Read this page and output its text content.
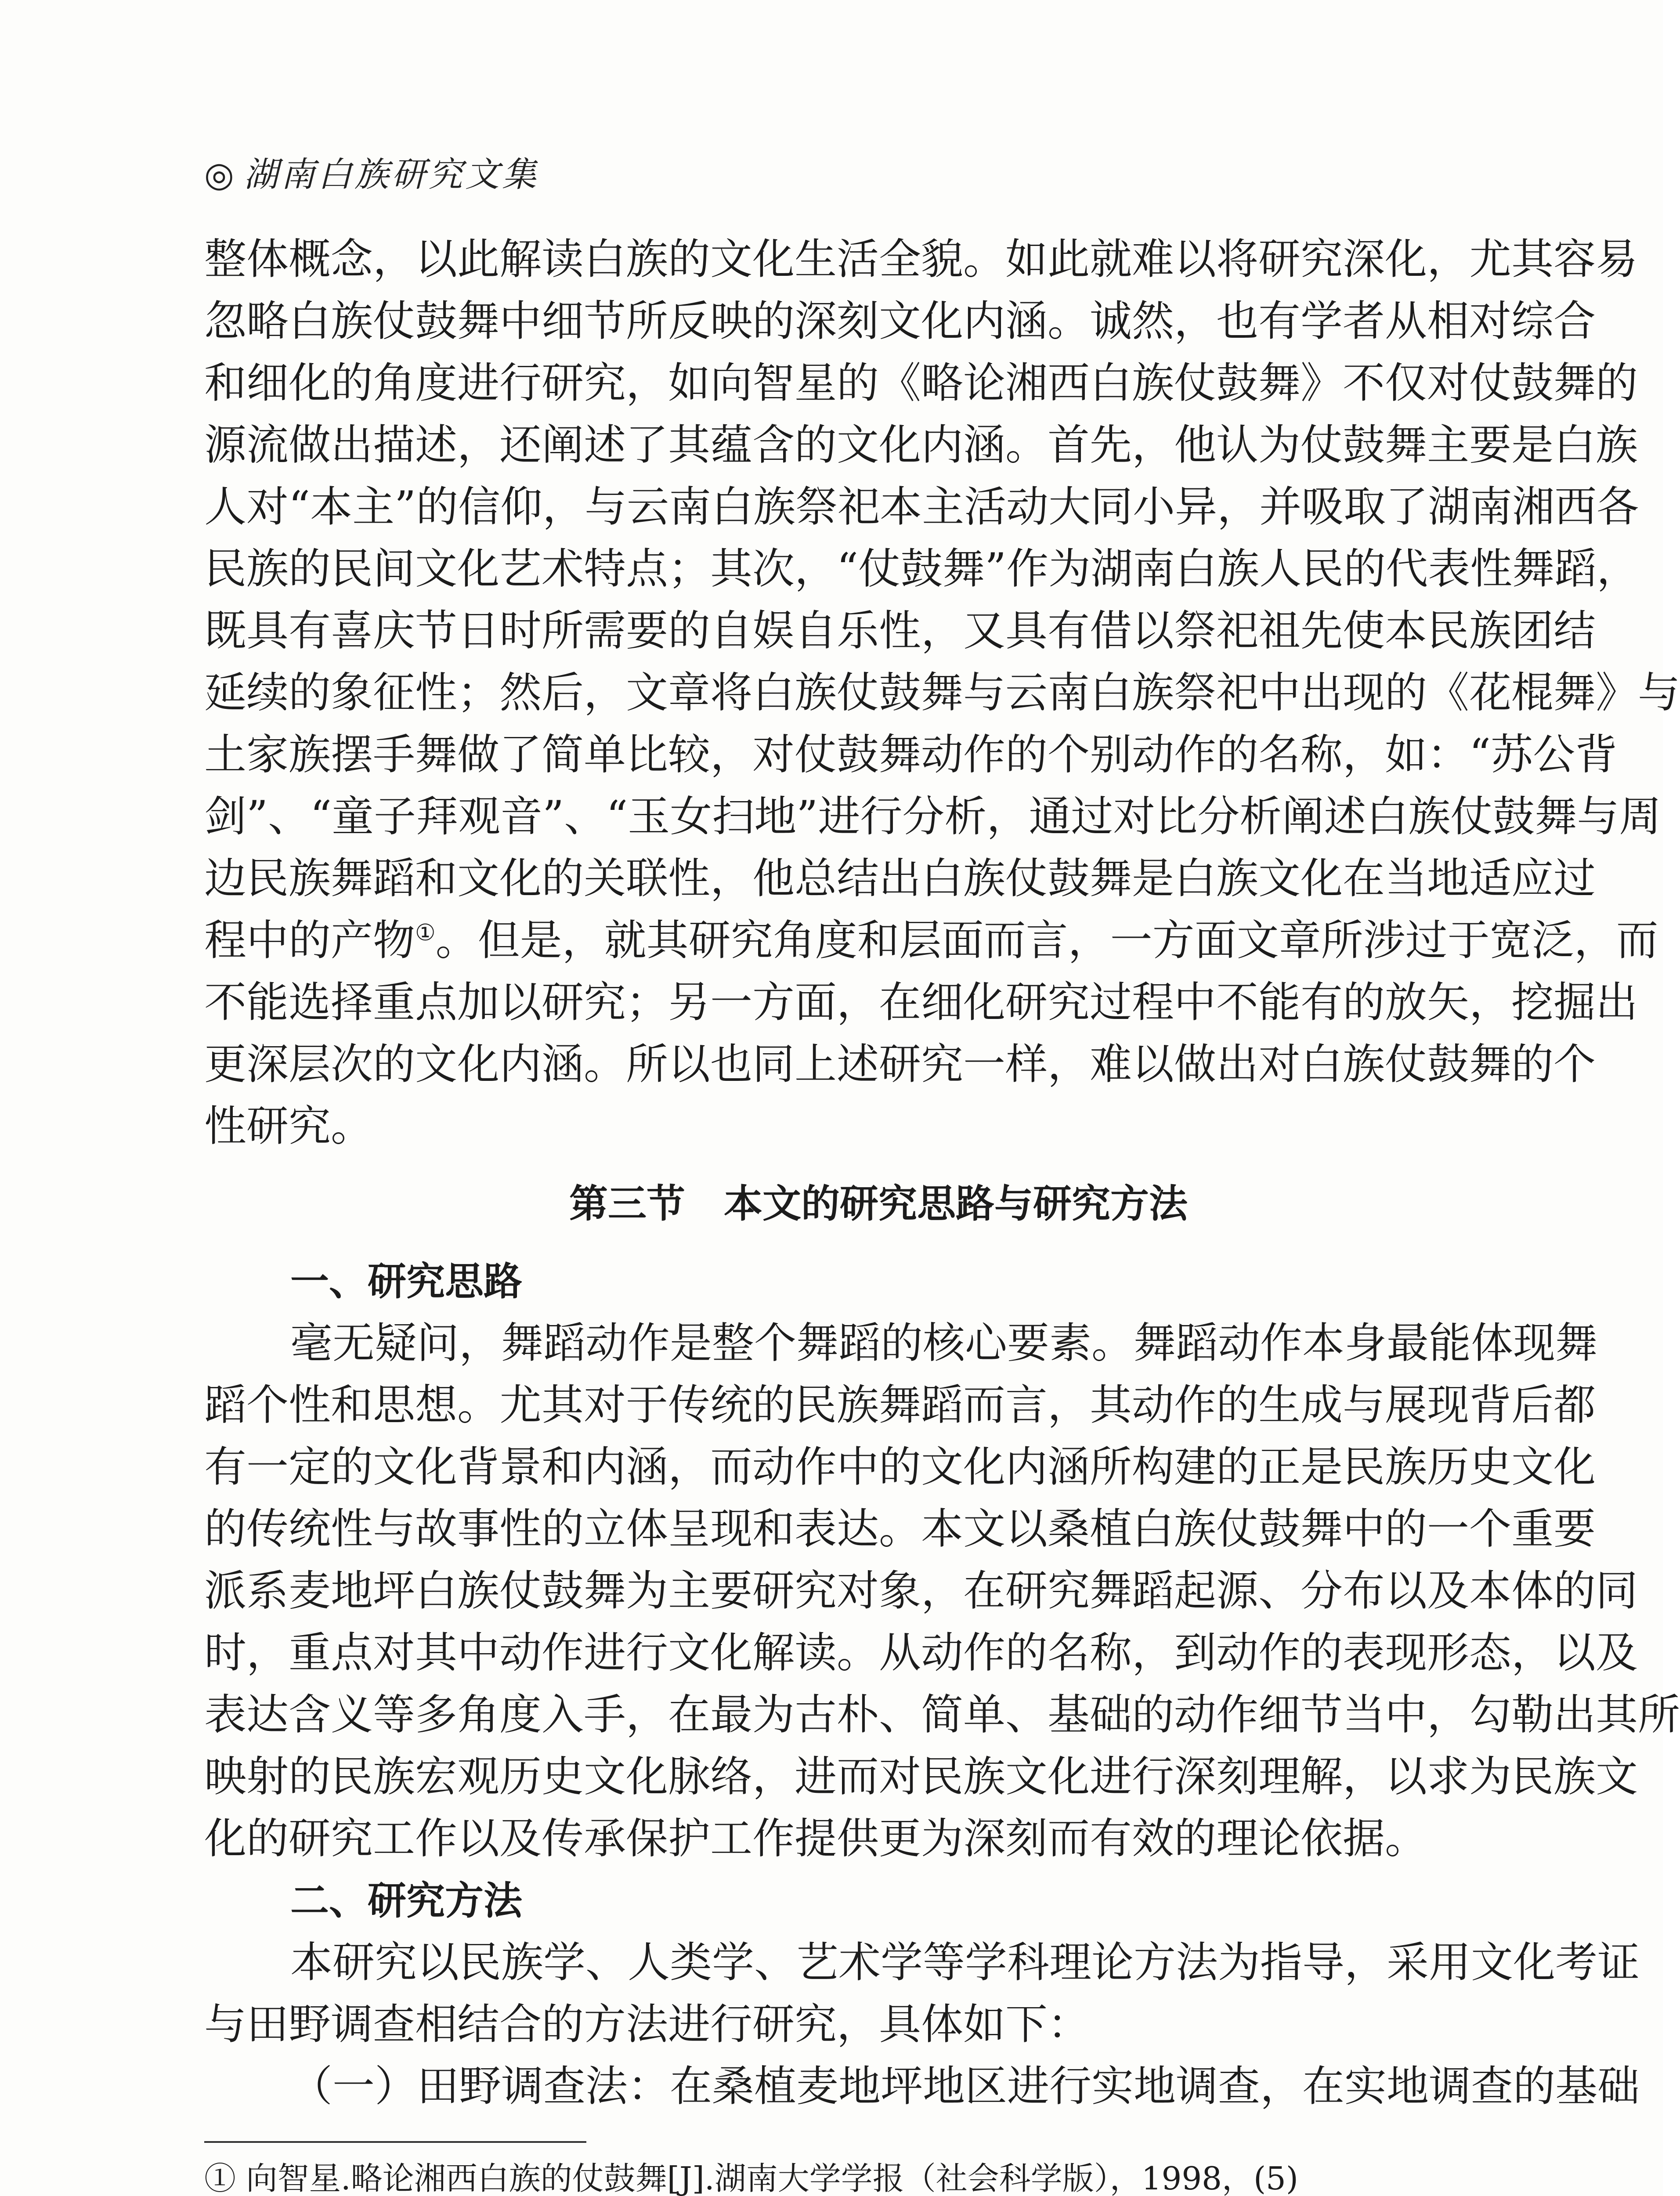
◎ 湖南白族研究文集
整体概念，以此解读白族的文化生活全貌。如此就难以将研究深化，尤其容易
忽略白族仗鼓舞中细节所反映的深刻文化内涵。诚然，也有学者从相对综合
和细化的角度进行研究，如向智星的《略论湘西白族仗鼓舞》不仅对仗鼓舞的
源流做出描述，还阐述了其蕴含的文化内涵。首先，他认为仗鼓舞主要是白族
人对“本主”的信仰，与云南白族祭祀本主活动大同小异，并吸取了湖南湘西各
民族的民间文化艺术特点；其次，“仗鼓舞”作为湖南白族人民的代表性舞蹈，
既具有喜庆节日时所需要的自娱自乐性，又具有借以祭祀祖先使本民族团结
延续的象征性；然后，文章将白族仗鼓舞与云南白族祭祀中出现的《花棍舞》与
土家族摆手舞做了简单比较，对仗鼓舞动作的个别动作的名称，如：“苏公背
剑”、“童子拜观音”、“玉女扫地”进行分析，通过对比分析阐述白族仗鼓舞与周
边民族舞蹈和文化的关联性，他总结出白族仗鼓舞是白族文化在当地适应过
程中的产物①。但是，就其研究角度和层面而言，一方面文章所涉过于宽泛，而
不能选择重点加以研究；另一方面，在细化研究过程中不能有的放矢，挖掘出
更深层次的文化内涵。所以也同上述研究一样，难以做出对白族仗鼓舞的个
性研究。
第三节　本文的研究思路与研究方法
一、研究思路
毫无疑问，舞蹈动作是整个舞蹈的核心要素。舞蹈动作本身最能体现舞
蹈个性和思想。尤其对于传统的民族舞蹈而言，其动作的生成与展现背后都
有一定的文化背景和内涵，而动作中的文化内涵所构建的正是民族历史文化
的传统性与故事性的立体呈现和表达。本文以桑植白族仗鼓舞中的一个重要
派系麦地坪白族仗鼓舞为主要研究对象，在研究舞蹈起源、分布以及本体的同
时，重点对其中动作进行文化解读。从动作的名称，到动作的表现形态，以及
表达含义等多角度入手，在最为古朴、简单、基础的动作细节当中，勾勒出其所
映射的民族宏观历史文化脉络，进而对民族文化进行深刻理解，以求为民族文
化的研究工作以及传承保护工作提供更为深刻而有效的理论依据。
二、研究方法
本研究以民族学、人类学、艺术学等学科理论方法为指导，采用文化考证
与田野调查相结合的方法进行研究，具体如下：
（一）田野调查法：在桑植麦地坪地区进行实地调查，在实地调查的基础
① 向智星.略论湘西白族的仗鼓舞[J].湖南大学学报（社会科学版），1998，(5)
